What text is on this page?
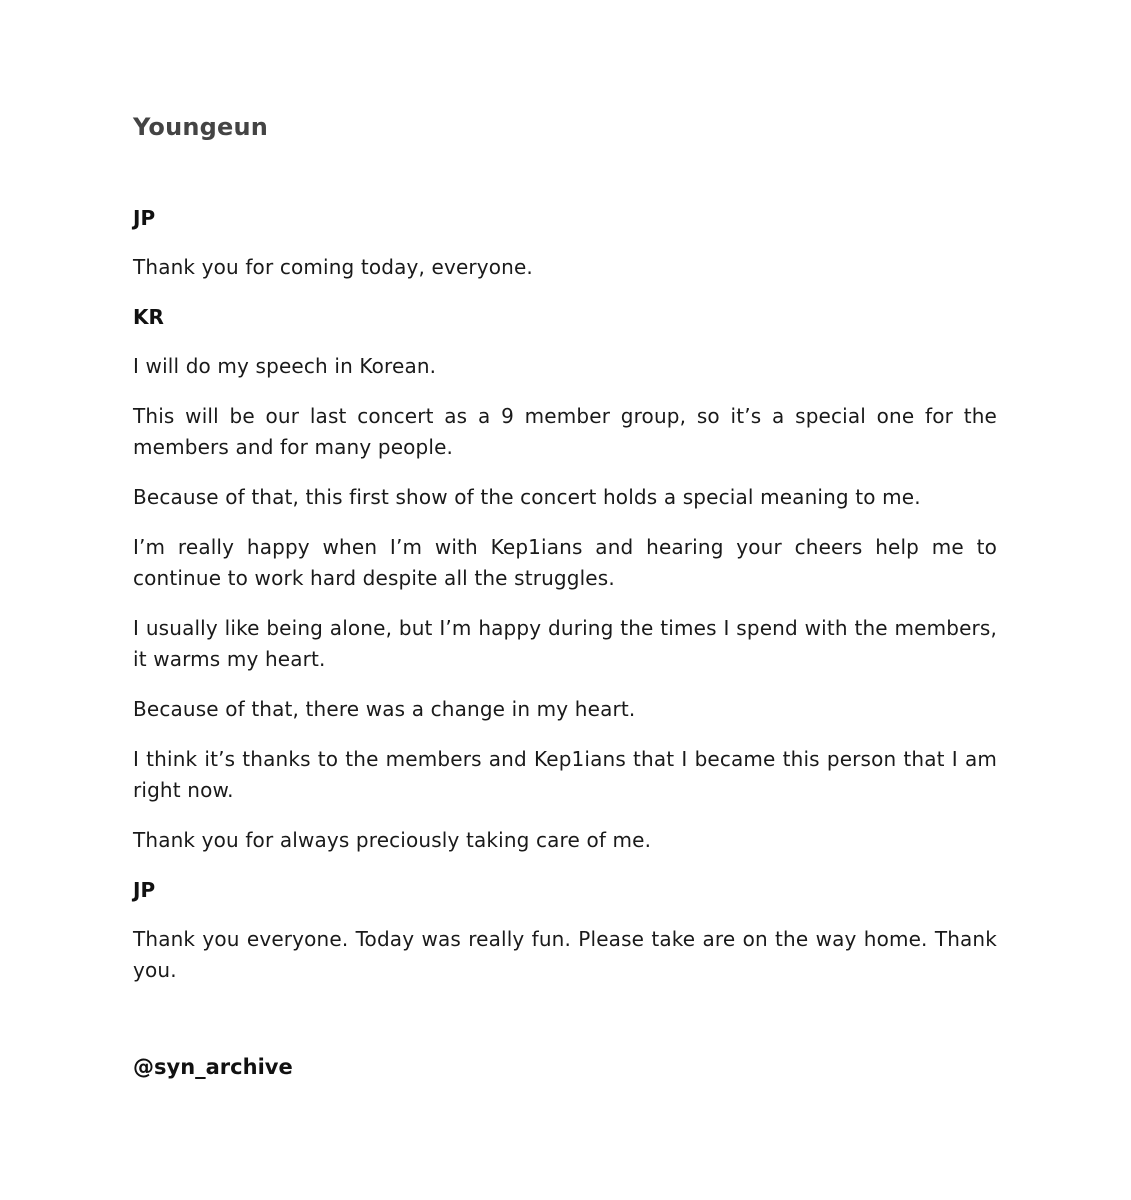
Youngeun
JP

Thank you for coming today, everyone.

KR

I will do my speech in Korean.

This will be our last concert as a 9 member group, so it’s a special one for the members and for many people.

Because of that, this first show of the concert holds a special meaning to me.

I’m really happy when I’m with Kep1ians and hearing your cheers help me to continue to work hard despite all the struggles.

I usually like being alone, but I’m happy during the times I spend with the members, it warms my heart.

Because of that, there was a change in my heart.

I think it’s thanks to the members and Kep1ians that I became this person that I am right now.

Thank you for always preciously taking care of me.

JP

Thank you everyone. Today was really fun. Please take are on the way home. Thank you.

@syn_archive
